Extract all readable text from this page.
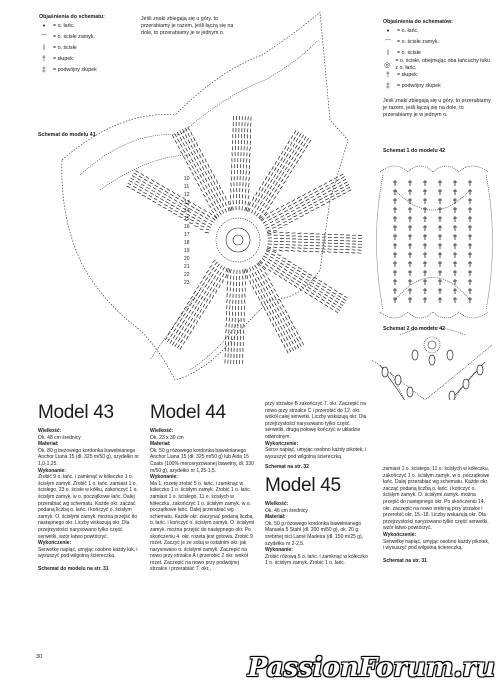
Objaśnienia do schematu:
•	= o. łańc.
⌒ = o. ścisłe zamyk.
ǀ	= o. ścisłe
†	= słupek
‡	= podwójny słupek
Jeśli znaki zbiegają się u góry, to przerabiamy je razem, jeśli łączą się na dole, to przerabiamy je w jednym o.
Objaśnienia do schematów:
•	= o. łańc.
⌒ = o. ścisłe zamyk.
ǀ	= o. ścisłe
◎
= o. ścisłe, obejmując oba łańcuchy łuku z o. łańc.
†	= słupek
‡	= podwójny słupek
Jeśli znaki zbiegają się u góry, to przerabiamy je razem, jeśli łączą się na dole, to przerabiamy je w jednym o.
Schemat do modelu 41
Schemat 1 do modelu 42
Schemat 2 do modelu 42
10
11
12
13
14
15
16
17
18
19
20
21
22
23
Model 43
Wielkość:
Ok. 48 cm średnicy
Materiał:
Ok. 80 g beżowego kordonka bawełnianego Anchor Liana 15 (dł. 325 m/50 g), szydełko nr 1,0-1,25.
Wykonanie:
Zrobić 9 o. łańc. i zamknąć w kółeczko 1 o. ścisłym zamyk. Zrobić 1 o. łańc. zamiast 1 o. ścisłego, 23 o. ścisłe w kółku, zakończyć 1 o. ścisłym zamyk. w o. początkowe łańc. Dalej przerabiać wg schematu. Każde okr. zaczać podaną liczbą o. łańc. i kończyć o. ścisłym zamyk. O. ścisłymi zamyk. można przejść do następnego okr. Liczby wskazują okr. Dla przejrzystości narysowano tylko część serwetki, wzór łatwo powtórzyć.
Wykończenie:
Serwetkę napiąć, umyjąc osobno każdy łuk, i wysuszyć pod wilgotną ściereczką.
Schemat do modelu na str. 31
Model 44
Wielkość:
Ok. 23 x 30 cm
Materiał:
Ok. 50 g różowego kordonka bawełnianego Anchor Liana 15 (dł. 325 m/50 g) lub Aida 15 Coats (100% merceryzowanej bawełny, dł. 330 m/50 g), szydełko nr 1,25-1,5.
Wykonanie:
Ma 1. rozetę zrobić 5 o. łańc. i zamknąć w kółeczko 1 o. ścisłym zamyk. Zrobić 1 o. łańc. zamiast 1 o. ścisłego, 11 o. ścisłych w kółeczku, zakończyć 1 o. ścisłym zamyk. w o. początkowe łańc. Dalej przerabiać wg schematu. Każde okr. zaczynać podaną liczbą o. łańc. i kończyć o. ścisłym zamyk. O. ścisłymi zamyk. można przejść do następnego okr. Po skończeniu 4. okr. rozeta jest gotowa. Zrobić 9 rozet. Zaczyć je ze sobą w ostatnim okr. jak narysowano o. ścisłymi zamyk. Zaczepić na nowo przy strzałce A i przerobić 2 okr. wokół rozet. Zaczepić na nowo przy podwójnej strzałce i przerabiać 7. okr.,
przy strzałce B zakończyć 7. okr. Zaczepić na nowo przy strzałce C i przerobić do 12. okr. wokół całej serwetki. Liczby wskazują okr. Dla przejrzystości narysowano tylko część serwetki, drugą połowę kończyć w układzie odwrotnym.
Wykończenie:
Serce napiąć, umyjąc osobno każdy pikotek, i wysuszyć pod wilgotną ściereczką.
Schemat na str. 32
Model 45
Wielkość:
Ok. 46 cm średnicy
Materiał:
Ok. 50 g różowego kordonka bawełnianego Manuela 5 Stahl (dł. 200 m/50 g), ok. 20 g srebrnej nici Lamé Madeira (dł. 150 m/25 g), szydełko nr 2-2,5.
Wykonanie:
Zrobić różową 5 o. łańc. i zamknąć w kółeczko 1 o. ścisłym zamyk. Zrobić 1 o. łańc.
zamiast 1 o. ścisłego, 11 o. ścisłych w kółeczku, zakończyć 1 o. ścisłym zamyk. w o. początkowe łańc. Dalej przerabiać wg schematu. Każde okr. zacząć podaną liczbą o. łańc. i kończyć o. ścisłym zamyk. O. ścisłymi zamyk. można przejść do następnego okr. Po skończeniu 14. okr. zaczepić na nowo srebrną przy strzałce i przerobić okr. 15.-18. Liczby wskazują okr. Dla przejrzystości narysowano tylko część serwetki, wzór łatwo powtórzyć.
Wykończenie:
Serwetkę napiąć, umyjąc osobno każdy pikotek, i wysuszyć pod wilgotną ściereczką.
Schemat na str. 31
30	PassionForum.ru
